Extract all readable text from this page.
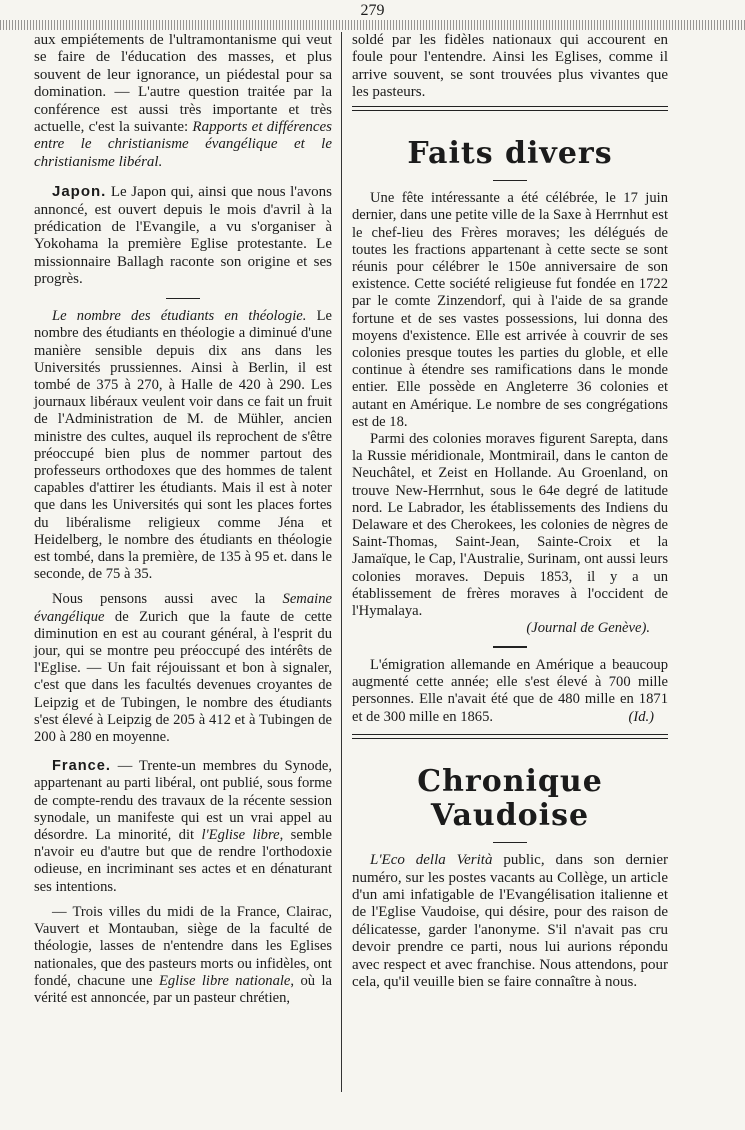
279

aux empiétements de l'ultramontanisme qui veut se faire de l'éducation des masses, et plus souvent de leur ignorance, un piédestal pour sa domination. — L'autre question traitée par la conférence est aussi très importante et très actuelle, c'est la suivante: Rapports et différences entre le christianisme évangélique et le christianisme libéral.

Japon. Le Japon qui, ainsi que nous l'avons annoncé, est ouvert depuis le mois d'avril à la prédication de l'Evangile, a vu s'organiser à Yokohama la première Eglise protestante. Le missionnaire Ballagh raconte son origine et ses progrès.

Le nombre des étudiants en théologie. Le nombre des étudiants en théologie a diminué d'une manière sensible depuis dix ans dans les Universités prussiennes. Ainsi à Berlin, il est tombé de 375 à 270, à Halle de 420 à 290. Les journaux libéraux veulent voir dans ce fait un fruit de l'Administration de M. de Mühler, ancien ministre des cultes, auquel ils reprochent de s'être préoccupé bien plus de nommer partout des professeurs orthodoxes que des hommes de talent capables d'attirer les étudiants. Mais il est à noter que dans les Universités qui sont les places fortes du libéralisme religieux comme Jéna et Heidelberg, le nombre des étudiants en théologie est tombé, dans la première, de 135 à 95 et. dans le seconde, de 75 à 35.

Nous pensons aussi avec la Semaine évangélique de Zurich que la faute de cette diminution en est au courant général, à l'esprit du jour, qui se montre peu préoccupé des intérêts de l'Eglise. — Un fait réjouissant et bon à signaler, c'est que dans les facultés devenues croyantes de Leipzig et de Tubingen, le nombre des étudiants s'est élevé à Leipzig de 205 à 412 et à Tubingen de 200 à 280 en moyenne.

France. — Trente-un membres du Synode, appartenant au parti libéral, ont publié, sous forme de compte-rendu des travaux de la récente session synodale, un manifeste qui est un vrai appel au désordre. La minorité, dit l'Eglise libre, semble n'avoir eu d'autre but que de rendre l'orthodoxie odieuse, en incriminant ses actes et en dénaturant ses intentions.

— Trois villes du midi de la France, Clairac, Vauvert et Montauban, siège de la faculté de théologie, lasses de n'entendre dans les Eglises nationales, que des pasteurs morts ou infidèles, ont fondé, chacune une Eglise libre nationale, où la vérité est annoncée, par un pasteur chrétien,

soldé par les fidèles nationaux qui accourent en foule pour l'entendre. Ainsi les Eglises, comme il arrive souvent, se sont trouvées plus vivantes que les pasteurs.

Faits divers

Une fête intéressante a été célébrée, le 17 juin dernier, dans une petite ville de la Saxe à Herrnhut est le chef-lieu des Frères moraves; les délégués de toutes les fractions appartenant à cette secte se sont réunis pour célébrer le 150e anniversaire de son existence. Cette société religieuse fut fondée en 1722 par le comte Zinzendorf, qui à l'aide de sa grande fortune et de ses vastes possessions, lui donna des moyens d'existence. Elle est arrivée à couvrir de ses colonies presque toutes les parties du globle, et elle continue à étendre ses ramifications dans le monde entier. Elle possède en Angleterre 36 colonies et autant en Amérique. Le nombre de ses congrégations est de 18.

Parmi des colonies moraves figurent Sarepta, dans la Russie méridionale, Montmirail, dans le canton de Neuchâtel, et Zeist en Hollande. Au Groenland, on trouve New-Herrnhut, sous le 64e degré de latitude nord. Le Labrador, les établissements des Indiens du Delaware et des Cherokees, les colonies de nègres de Saint-Thomas, Saint-Jean, Sainte-Croix et la Jamaïque, le Cap, l'Australie, Surinam, ont aussi leurs colonies moraves. Depuis 1853, il y a un établissement de frères moraves à l'occident de l'Hymalaya.

(Journal de Genève).

L'émigration allemande en Amérique a beaucoup augmenté cette année; elle s'est élevé à 700 mille personnes. Elle n'avait été que de 480 mille en 1871 et de 300 mille en 1865.	(Id.)

Chronique Vaudoise

L'Eco della Verità public, dans son dernier numéro, sur les postes vacants au Collège, un article d'un ami infatigable de l'Evangélisation italienne et de l'Eglise Vaudoise, qui désire, pour des raison de délicatesse, garder l'anonyme. S'il n'avait pas cru devoir prendre ce parti, nous lui aurions répondu avec respect et avec franchise. Nous attendons, pour cela, qu'il veuille bien se faire connaître à nous.
